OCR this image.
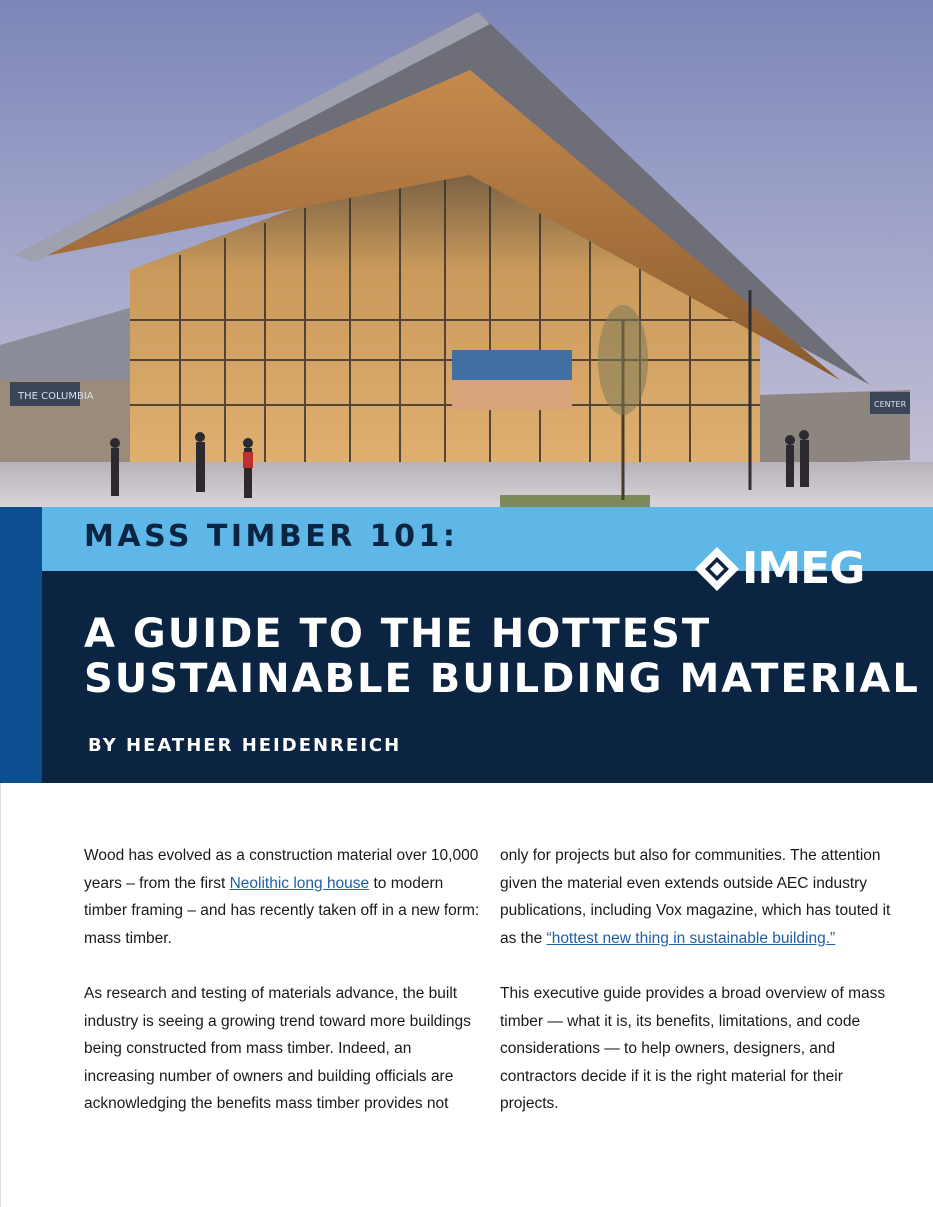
THE COLUMBIA
CENTER
MASS TIMBER 101:
IMEG
A GUIDE TO THE HOTTEST
SUSTAINABLE BUILDING MATERIAL
BY HEATHER HEIDENREICH

Wood has evolved as a construction material over 10,000 years – from the first Neolithic long house to modern timber framing – and has recently taken off in a new form: mass timber.

As research and testing of materials advance, the built industry is seeing a growing trend toward more buildings being constructed from mass timber. Indeed, an increasing number of owners and building officials are acknowledging the benefits mass timber provides not

only for projects but also for communities. The attention given the material even extends outside AEC industry publications, including Vox magazine, which has touted it as the “hottest new thing in sustainable building.”

This executive guide provides a broad overview of mass timber — what it is, its benefits, limitations, and code considerations — to help owners, designers, and contractors decide if it is the right material for their projects.
